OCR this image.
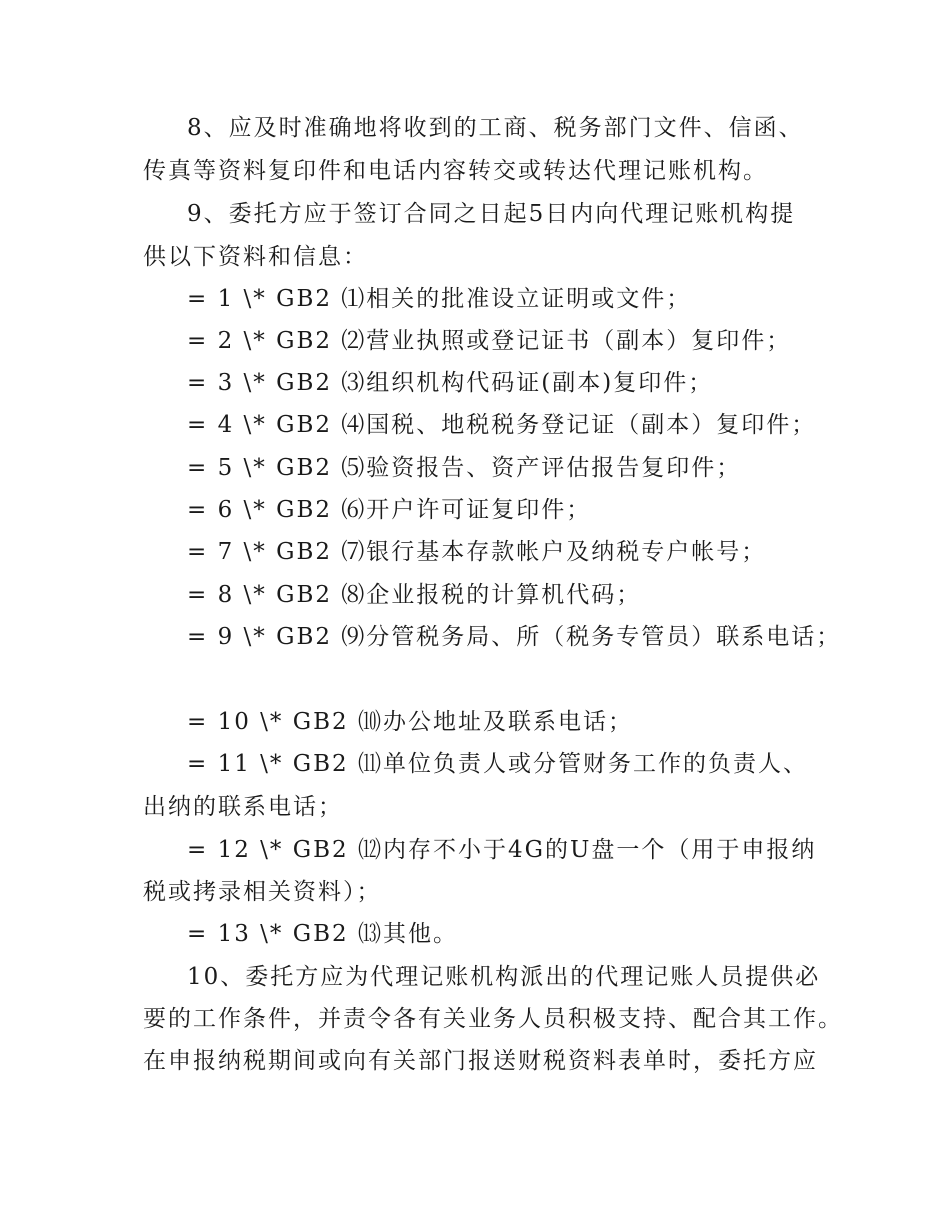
8、应及时准确地将收到的工商、税务部门文件、信函、
传真等资料复印件和电话内容转交或转达代理记账机构。
9、委托方应于签订合同之日起5日内向代理记账机构提
供以下资料和信息：
= 1 \* GB2 ⑴相关的批准设立证明或文件；
= 2 \* GB2 ⑵营业执照或登记证书（副本）复印件；
= 3 \* GB2 ⑶组织机构代码证(副本)复印件；
= 4 \* GB2 ⑷国税、地税税务登记证（副本）复印件；
= 5 \* GB2 ⑸验资报告、资产评估报告复印件；
= 6 \* GB2 ⑹开户许可证复印件；
= 7 \* GB2 ⑺银行基本存款帐户及纳税专户帐号；
= 8 \* GB2 ⑻企业报税的计算机代码；
= 9 \* GB2 ⑼分管税务局、所（税务专管员）联系电话；
= 10 \* GB2 ⑽办公地址及联系电话；
= 11 \* GB2 ⑾单位负责人或分管财务工作的负责人、
出纳的联系电话；
= 12 \* GB2 ⑿内存不小于4G的U盘一个（用于申报纳
税或拷录相关资料）；
= 13 \* GB2 ⒀其他。
10、委托方应为代理记账机构派出的代理记账人员提供必
要的工作条件，并责令各有关业务人员积极支持、配合其工作。
在申报纳税期间或向有关部门报送财税资料表单时，委托方应
